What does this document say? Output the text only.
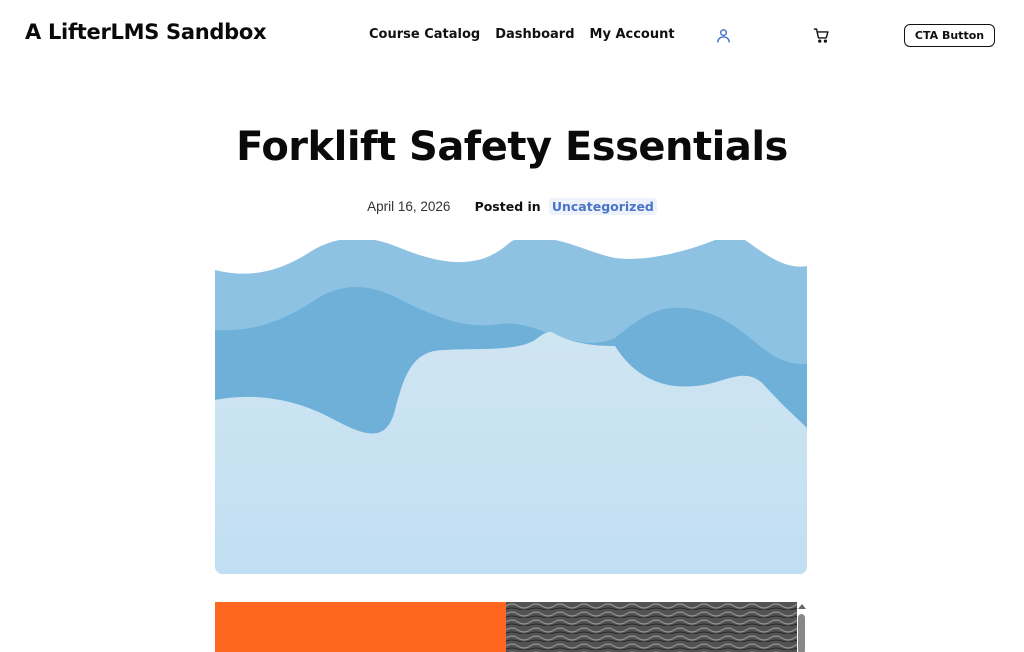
A LifterLMS Sandbox	Course Catalog Dashboard My Account	CTA Button
Forklift Safety Essentials
April 16, 2026 Posted in Uncategorized
